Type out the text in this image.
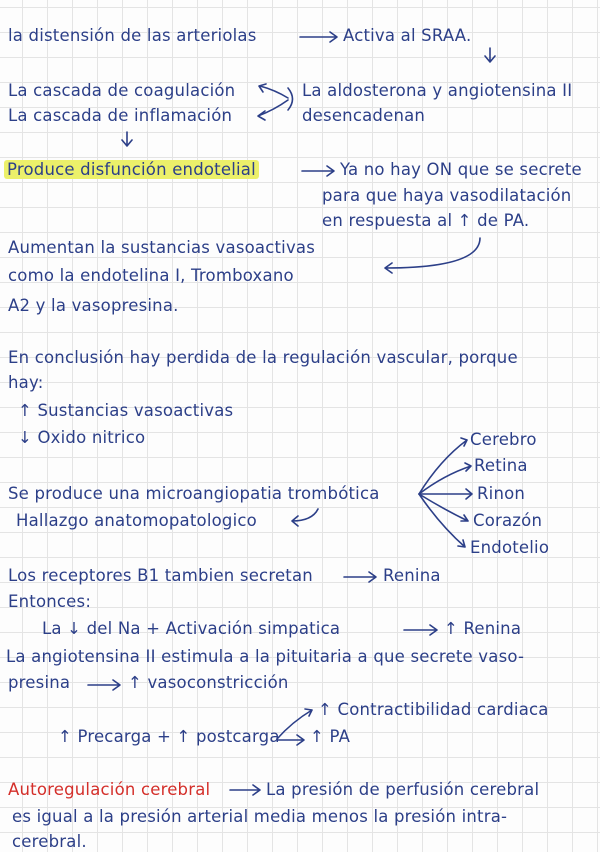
la distensión de las arteriolas	Activa al SRAA.
La cascada de coagulación	La aldosterona y angiotensina II
La cascada de inflamación	desencadenan
Produce disfunción endotelial	Ya no hay ON que se secrete
para que haya vasodilatación
en respuesta al ↑ de PA.
Aumentan la sustancias vasoactivas
como la endotelina I, Tromboxano
A2 y la vasopresina.
En conclusión hay perdida de la regulación vascular, porque
hay:
↑ Sustancias vasoactivas
↓ Oxido nitrico	Cerebro
Retina
Se produce una microangiopatia trombótica	Rinon
Hallazgo anatomopatologico	Corazón
Endotelio
Los receptores B1 tambien secretan	Renina
Entonces:
La ↓ del Na + Activación simpatica	↑ Renina
La angiotensina II estimula a la pituitaria a que secrete vaso-
presina	↑ vasoconstricción
↑ Contractibilidad cardiaca
↑ Precarga + ↑ postcarga ↑ PA
Autoregulación cerebral	La presión de perfusión cerebral
es igual a la presión arterial media menos la presión intra-
cerebral.
